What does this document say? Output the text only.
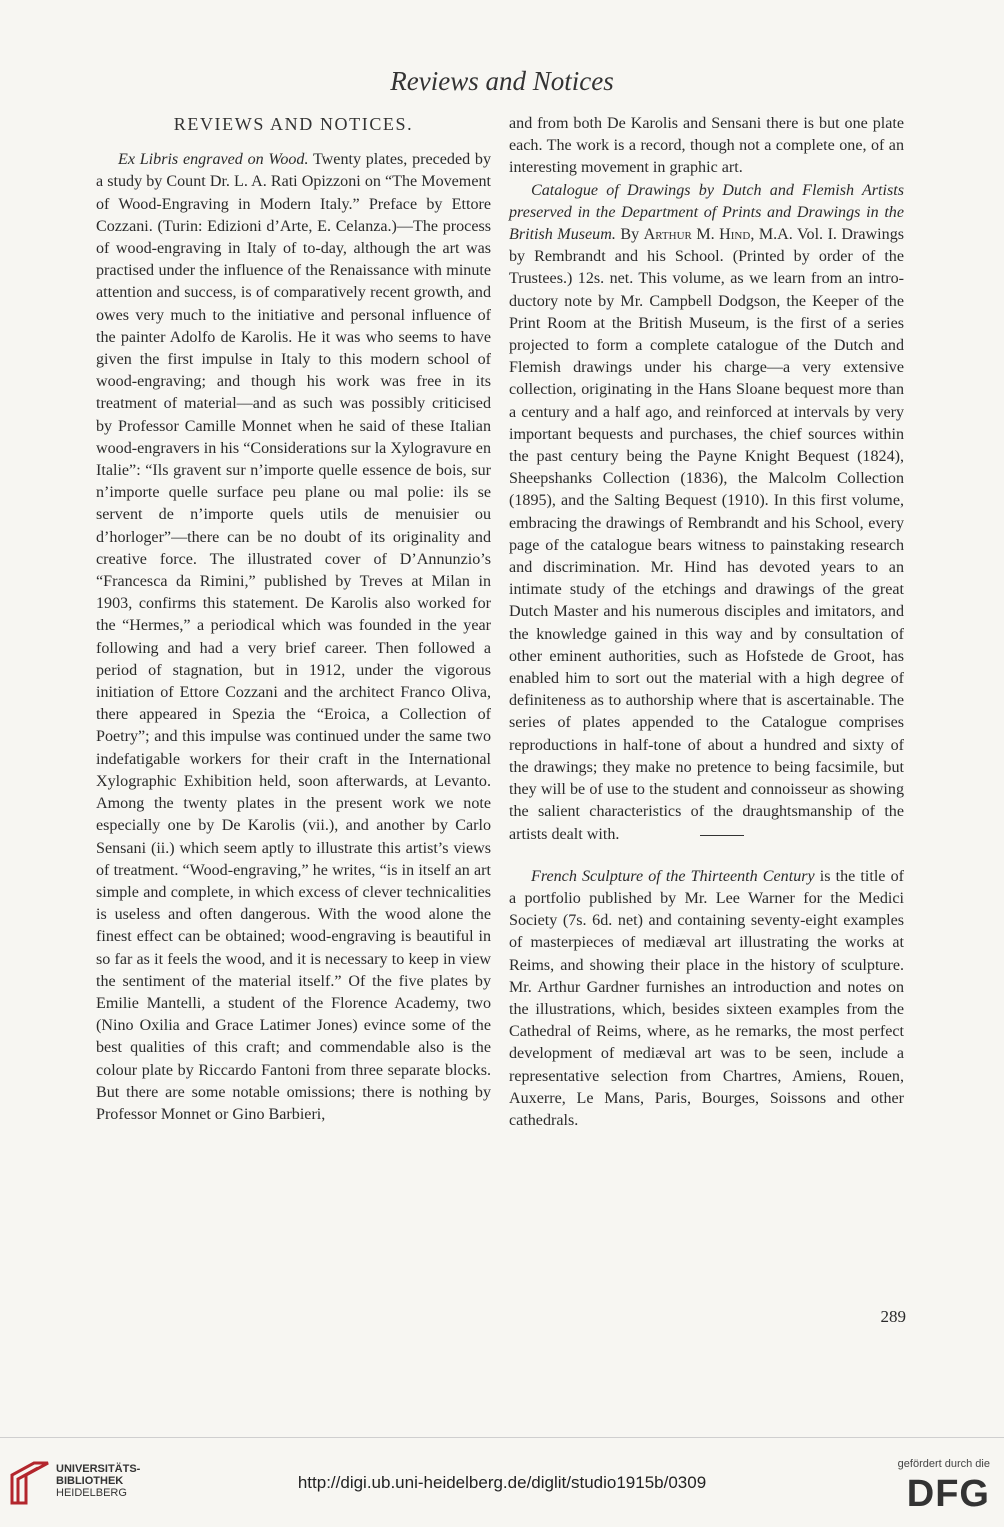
Reviews and Notices

REVIEWS AND NOTICES.

Ex Libris engraved on Wood. Twenty plates, preceded by a study by Count Dr. L. A. Rati Opizzoni on “The Movement of Wood-Engraving in Modern Italy.” Preface by Ettore Cozzani. (Turin: Edizioni d’Arte, E. Celanza.)—The process of wood-engraving in Italy of to-day, although the art was practised under the influence of the Renaissance with minute attention and success, is of comparatively recent growth, and owes very much to the initiative and personal influence of the painter Adolfo de Karolis. He it was who seems to have given the first impulse in Italy to this modern school of wood-engraving; and though his work was free in its treatment of material—and as such was possibly criticised by Professor Camille Monnet when he said of these Italian wood-engravers in his “Considerations sur la Xylogravure en Italie”: “Ils gravent sur n’importe quelle essence de bois, sur n’importe quelle surface peu plane ou mal polie: ils se servent de n’importe quels utils de menuisier ou d’horloger”—there can be no doubt of its originality and creative force. The illustrated cover of D’Annunzio’s “Francesca da Rimini,” published by Treves at Milan in 1903, confirms this statement. De Karolis also worked for the “Hermes,” a periodical which was founded in the year following and had a very brief career. Then followed a period of stagnation, but in 1912, under the vigorous initiation of Ettore Cozzani and the architect Franco Oliva, there appeared in Spezia the “Eroica, a Collection of Poetry”; and this impulse was continued under the same two indefatigable workers for their craft in the International Xylographic Exhibition held, soon afterwards, at Levanto. Among the twenty plates in the present work we note especially one by De Karolis (vii.), and another by Carlo Sensani (ii.) which seem aptly to illustrate this artist’s views of treatment. “Wood-engraving,” he writes, “is in itself an art simple and complete, in which excess of clever technicalities is useless and often dangerous. With the wood alone the finest effect can be obtained; wood-engraving is beautiful in so far as it feels the wood, and it is necessary to keep in view the sentiment of the material itself.” Of the five plates by Emilie Mantelli, a student of the Florence Academy, two (Nino Oxilia and Grace Latimer Jones) evince some of the best qualities of this craft; and commendable also is the colour plate by Riccardo Fantoni from three separate blocks. But there are some notable omissions; there is nothing by Professor Monnet or Gino Barbieri,

and from both De Karolis and Sensani there is but one plate each. The work is a record, though not a complete one, of an interesting movement in graphic art.

Catalogue of Drawings by Dutch and Flemish Artists preserved in the Department of Prints and Drawings in the British Museum. By Arthur M. Hind, M.A. Vol. I. Drawings by Rembrandt and his School. (Printed by order of the Trustees.) 12s. net. This volume, as we learn from an introductory note by Mr. Campbell Dodgson, the Keeper of the Print Room at the British Museum, is the first of a series projected to form a complete catalogue of the Dutch and Flemish drawings under his charge—a very extensive collection, originating in the Hans Sloane bequest more than a century and a half ago, and reinforced at intervals by very important bequests and purchases, the chief sources within the past century being the Payne Knight Bequest (1824), Sheepshanks Collection (1836), the Malcolm Collection (1895), and the Salting Bequest (1910). In this first volume, embracing the drawings of Rembrandt and his School, every page of the catalogue bears witness to painstaking research and discrimination. Mr. Hind has devoted years to an intimate study of the etchings and drawings of the great Dutch Master and his numerous disciples and imitators, and the knowledge gained in this way and by consultation of other eminent authorities, such as Hofstede de Groot, has enabled him to sort out the material with a high degree of definiteness as to authorship where that is ascertainable. The series of plates appended to the Catalogue comprises reproductions in half-tone of about a hundred and sixty of the drawings; they make no pretence to being facsimile, but they will be of use to the student and connoisseur as showing the salient characteristics of the draughtsmanship of the artists dealt with.

French Sculpture of the Thirteenth Century is the title of a portfolio published by Mr. Lee Warner for the Medici Society (7s. 6d. net) and containing seventy-eight examples of masterpieces of mediæval art illustrating the works at Reims, and showing their place in the history of sculpture. Mr. Arthur Gardner furnishes an introduction and notes on the illustrations, which, besides sixteen examples from the Cathedral of Reims, where, as he remarks, the most perfect development of mediæval art was to be seen, include a representative selection from Chartres, Amiens, Rouen, Auxerre, Le Mans, Paris, Bourges, Soissons and other cathedrals.

289
UNIVERSITÄTS-
BIBLIOTHEK
HEIDELBERG
http://digi.ub.uni-heidelberg.de/diglit/studio1915b/0309
gefördert durch die
DFG
